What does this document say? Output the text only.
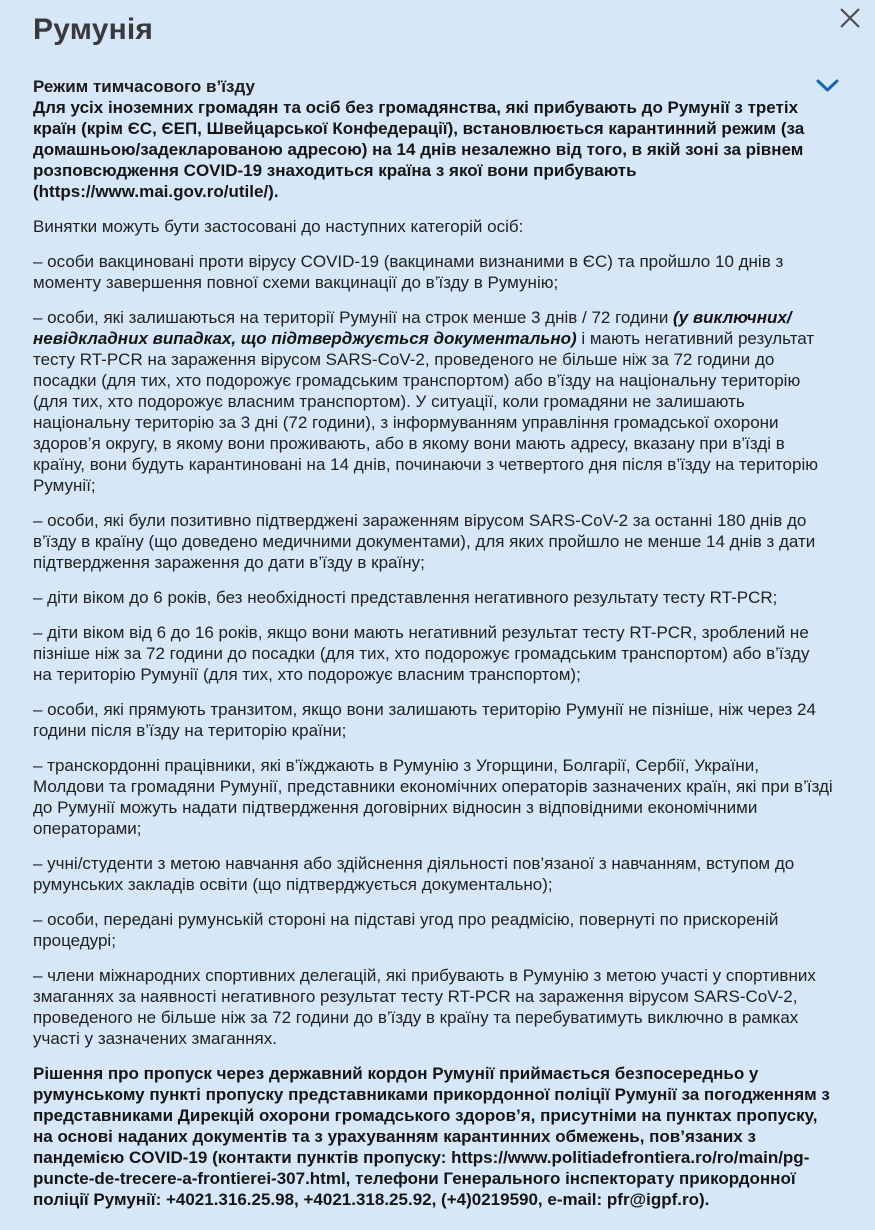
Румунія

Режим тимчасового в’їзду
Для усіх іноземних громадян та осіб без громадянства, які прибувають до Румунії з третіх країн (крім ЄС, ЄЕП, Швейцарської Конфедерації), встановлюється карантинний режим (за домашньою/задекларованою адресою) на 14 днів незалежно від того, в якій зоні за рівнем розповсюдження COVID-19 знаходиться країна з якої вони прибувають (https://www.mai.gov.ro/utile/).

Винятки можуть бути застосовані до наступних категорій осіб:

– особи вакциновані проти вірусу COVID-19 (вакцинами визнаними в ЄС) та пройшло 10 днів з моменту завершення повної схеми вакцинації до в’їзду в Румунію;

– особи, які залишаються на території Румунії на строк менше 3 днів / 72 години (у виключних/ невідкладних випадках, що підтверджується документально) і мають негативний результат тесту RT-PCR на зараження вірусом SARS-CoV-2, проведеного не більше ніж за 72 години до посадки (для тих, хто подорожує громадським транспортом) або в’їзду на національну територію (для тих, хто подорожує власним транспортом). У ситуації, коли громадяни не залишають національну територію за 3 дні (72 години), з інформуванням управління громадської охорони здоров’я округу, в якому вони проживають, або в якому вони мають адресу, вказану при в’їзді в країну, вони будуть карантиновані на 14 днів, починаючи з четвертого дня після в’їзду на територію Румунії;

– особи, які були позитивно підтверджені зараженням вірусом SARS-CoV-2 за останні 180 днів до в’їзду в країну (що доведено медичними документами), для яких пройшло не менше 14 днів з дати підтвердження зараження до дати в’їзду в країну;

– діти віком до 6 років, без необхідності представлення негативного результату тесту RT-PCR;

– діти віком від 6 до 16 років, якщо вони мають негативний результат тесту RT-PCR, зроблений не пізніше ніж за 72 години до посадки (для тих, хто подорожує громадським транспортом) або в’їзду на територію Румунії (для тих, хто подорожує власним транспортом);

– особи, які прямують транзитом, якщо вони залишають територію Румунії не пізніше, ніж через 24 години після в’їзду на територію країни;

– транскордонні працівники, які в’їжджають в Румунію з Угорщини, Болгарії, Сербії, України, Молдови та громадяни Румунії, представники економічних операторів зазначених країн, які при в’їзді до Румунії можуть надати підтвердження договірних відносин з відповідними економічними операторами;

– учні/студенти з метою навчання або здійснення діяльності пов’язаної з навчанням, вступом до румунських закладів освіти (що підтверджується документально);

– особи, передані румунській стороні на підставі угод про реадмісію, повернуті по прискореній процедурі;

– члени міжнародних спортивних делегацій, які прибувають в Румунію з метою участі у спортивних змаганнях за наявності негативного результат тесту RT-PCR на зараження вірусом SARS-CoV-2, проведеного не більше ніж за 72 години до в’їзду в країну та перебуватимуть виключно в рамках участі у зазначених змаганнях.

Рішення про пропуск через державний кордон Румунії приймається безпосередньо у румунському пункті пропуску представниками прикордонної поліції Румунії за погодженням з представниками Дирекцій охорони громадського здоров’я, присутніми на пунктах пропуску, на основі наданих документів та з урахуванням карантинних обмежень, пов’язаних з пандемією COVID-19 (контакти пунктів пропуску: https://www.politiadefrontiera.ro/ro/main/pg-puncte-de-trecere-a-frontierei-307.html, телефони Генерального інспекторату прикордонної поліції Румунії: +4021.316.25.98, +4021.318.25.92, (+4)0219590, e-mail: pfr@igpf.ro).
